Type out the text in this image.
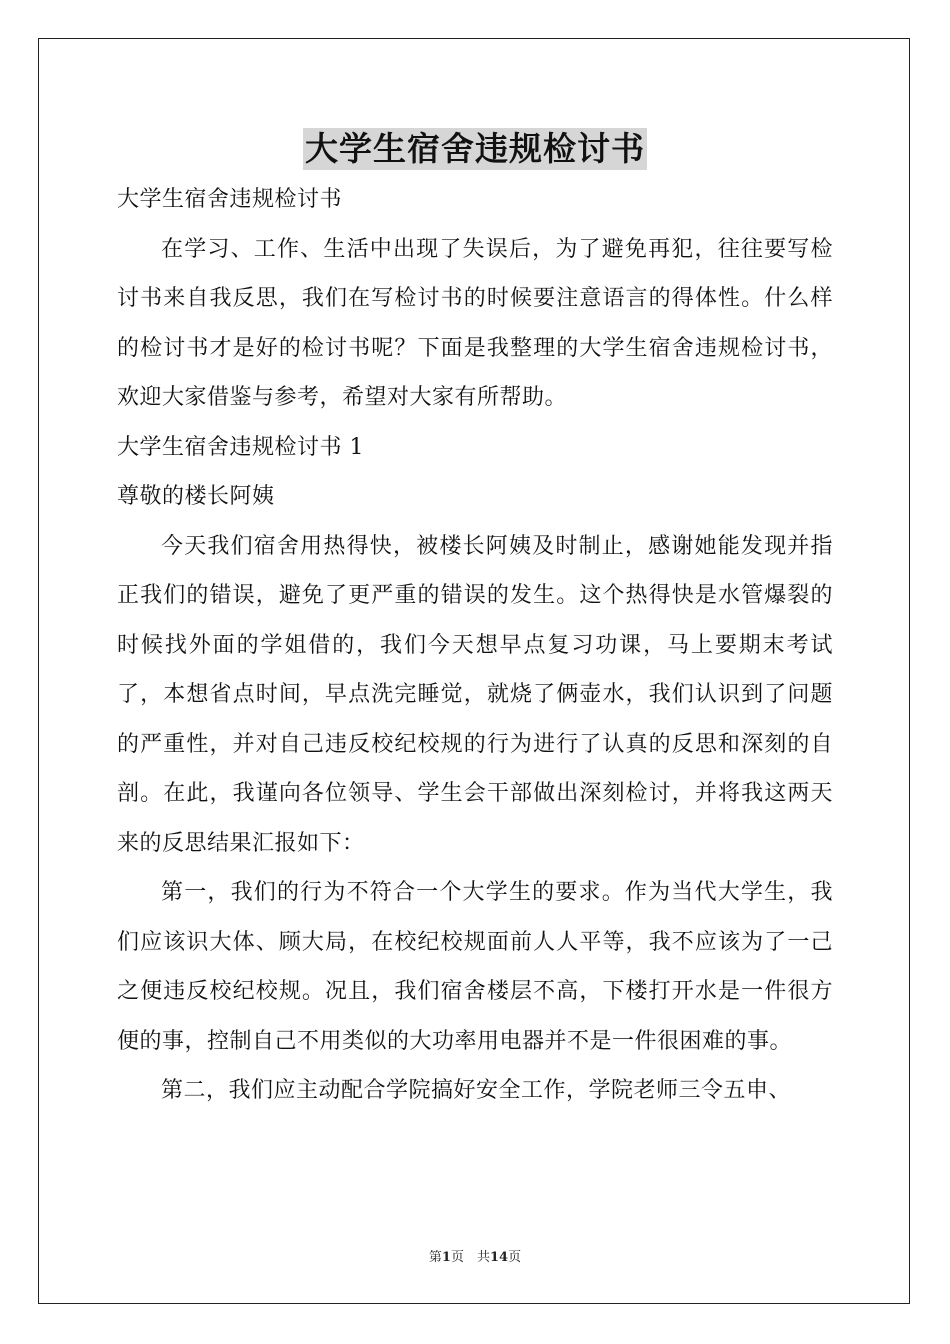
大学生宿舍违规检讨书

大学生宿舍违规检讨书

在学习、工作、生活中出现了失误后，为了避免再犯，往往要写检讨书来自我反思，我们在写检讨书的时候要注意语言的得体性。什么样的检讨书才是好的检讨书呢？下面是我整理的大学生宿舍违规检讨书，欢迎大家借鉴与参考，希望对大家有所帮助。

大学生宿舍违规检讨书 1

尊敬的楼长阿姨

今天我们宿舍用热得快，被楼长阿姨及时制止，感谢她能发现并指正我们的错误，避免了更严重的错误的发生。这个热得快是水管爆裂的时候找外面的学姐借的，我们今天想早点复习功课，马上要期末考试了，本想省点时间，早点洗完睡觉，就烧了俩壶水，我们认识到了问题的严重性，并对自己违反校纪校规的行为进行了认真的反思和深刻的自剖。在此，我谨向各位领导、学生会干部做出深刻检讨，并将我这两天来的反思结果汇报如下：

第一，我们的行为不符合一个大学生的要求。作为当代大学生，我们应该识大体、顾大局，在校纪校规面前人人平等，我不应该为了一己之便违反校纪校规。况且，我们宿舍楼层不高，下楼打开水是一件很方便的事，控制自己不用类似的大功率用电器并不是一件很困难的事。

第二，我们应主动配合学院搞好安全工作，学院老师三令五申、

第1页　共14页
